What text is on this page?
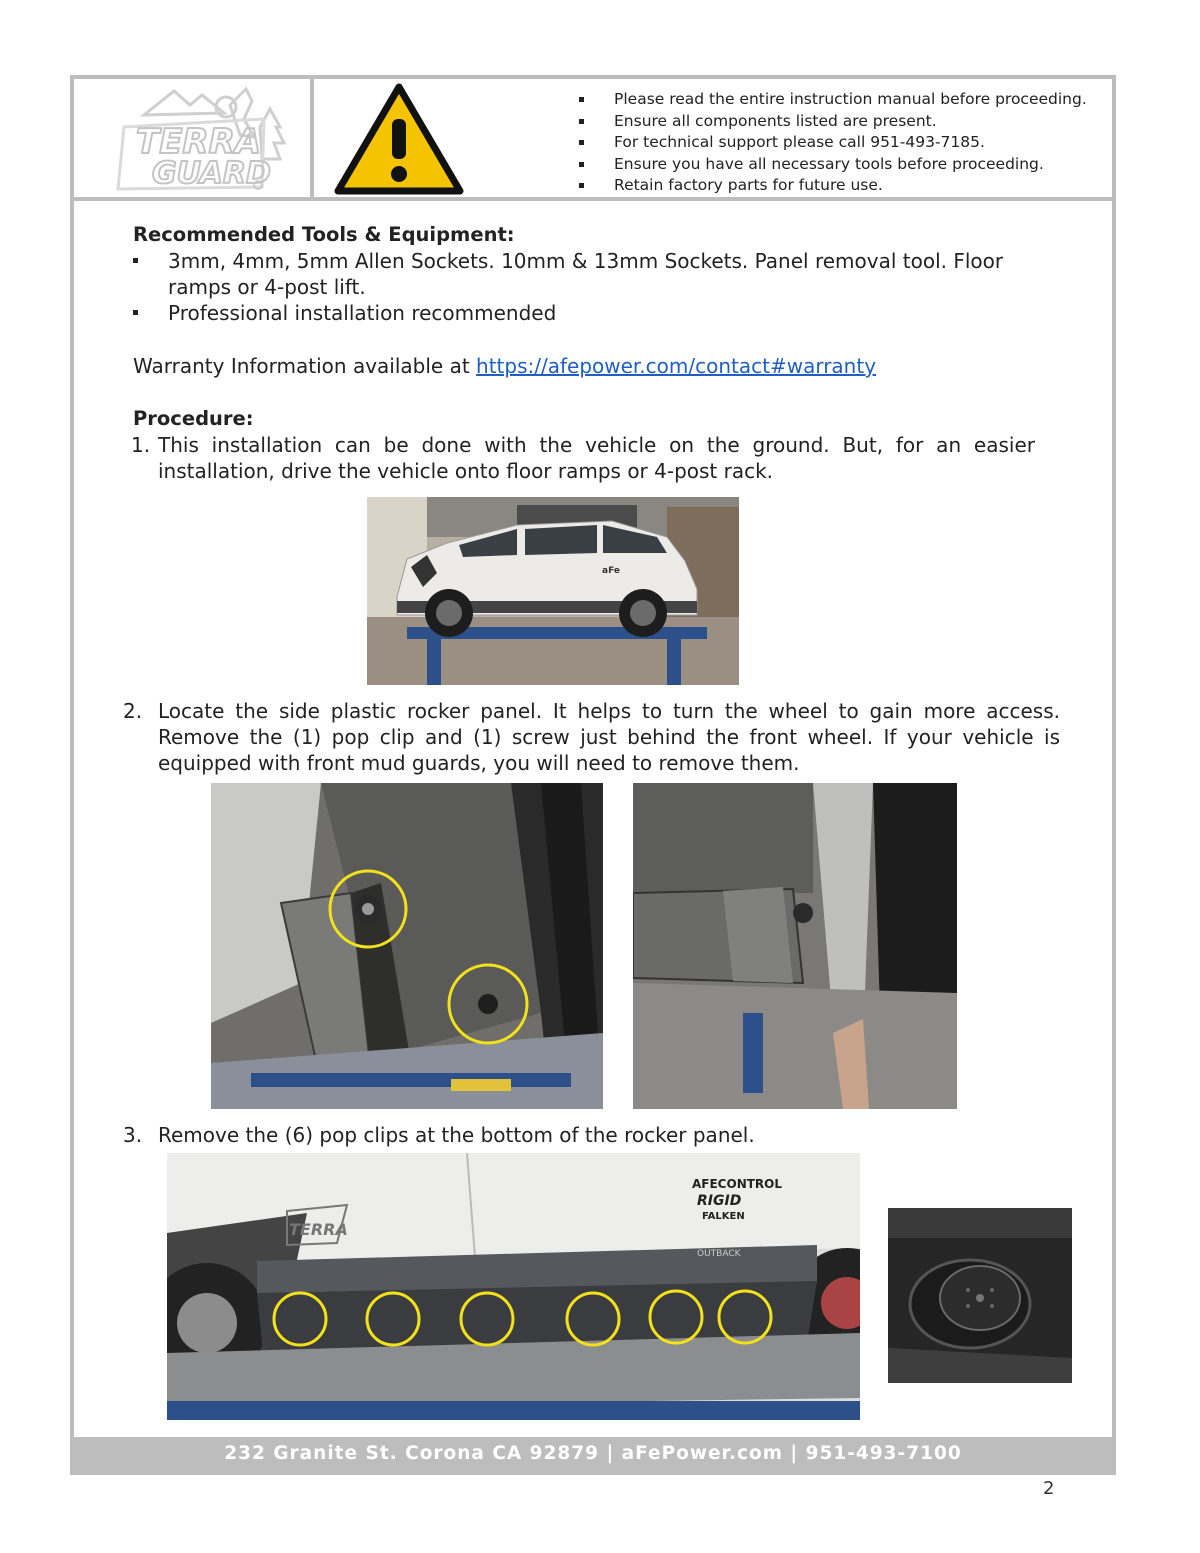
TERRA
GUARD
Please read the entire instruction manual before proceeding.
Ensure all components listed are present.
For technical support please call 951-493-7185.
Ensure you have all necessary tools before proceeding.
Retain factory parts for future use.
Recommended Tools & Equipment:
3mm, 4mm, 5mm Allen Sockets. 10mm & 13mm Sockets. Panel removal tool. Floor ramps or 4-post lift.
Professional installation recommended
Warranty Information available at https://afepower.com/contact#warranty
Procedure:
1. This installation can be done with the vehicle on the ground. But, for an easier installation, drive the vehicle onto floor ramps or 4-post rack.
aFe
2. Locate the side plastic rocker panel. It helps to turn the wheel to gain more access. Remove the (1) pop clip and (1) screw just behind the front wheel. If your vehicle is equipped with front mud guards, you will need to remove them.
3. Remove the (6) pop clips at the bottom of the rocker panel.
TERRA
AFECONTROL
RIGID
FALKEN
OUTBACK
232 Granite St. Corona CA 92879 | aFePower.com | 951-493-7100
2
